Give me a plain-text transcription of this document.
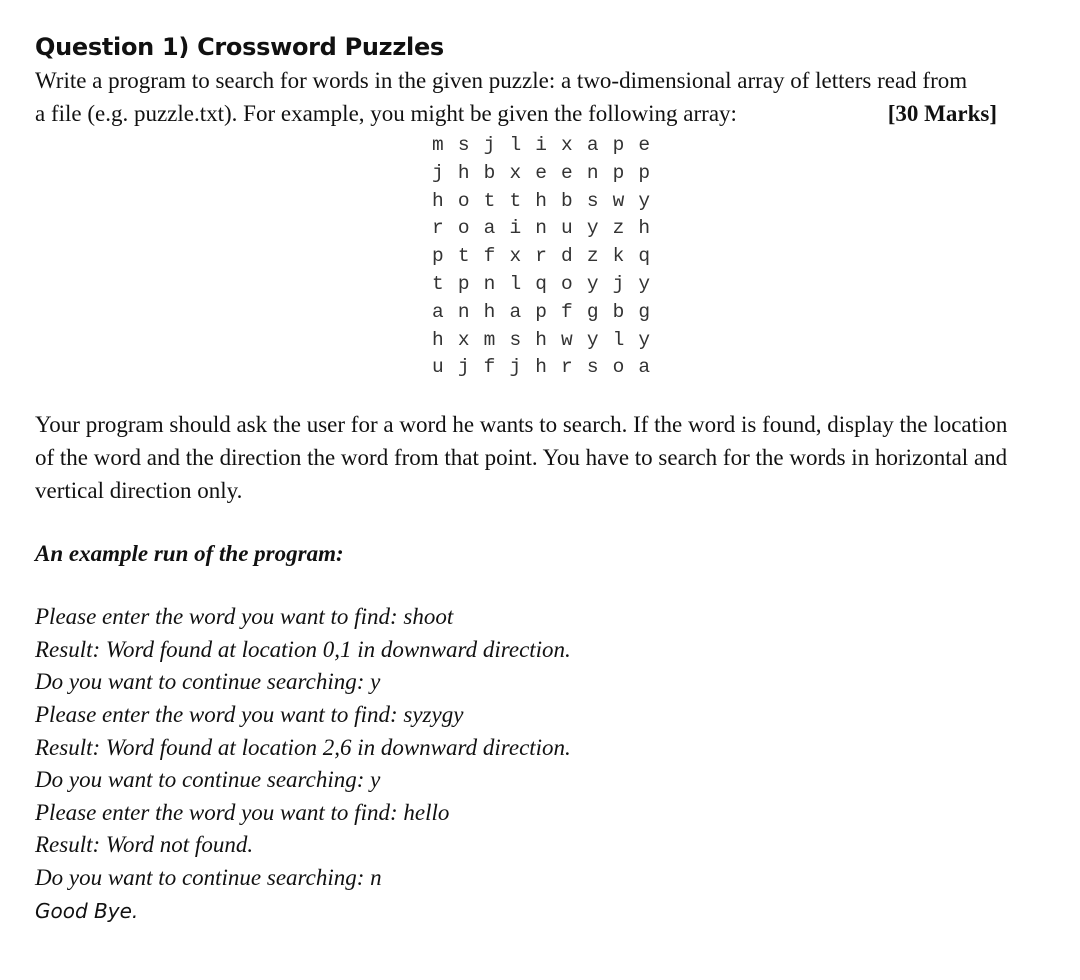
Question 1) Crossword Puzzles
Write a program to search for words in the given puzzle: a two-dimensional array of letters read from
a file (e.g. puzzle.txt). For example, you might be given the following array:	[30 Marks]
m s j l i x a p e
j h b x e e n p p
h o t t h b s w y
r o a i n u y z h
p t f x r d z k q
t p n l q o y j y
a n h a p f g b g
h x m s h w y l y
u j f j h r s o a

Your program should ask the user for a word he wants to search. If the word is found, display the location of the word and the direction the word from that point. You have to search for the words in horizontal and vertical direction only.

An example run of the program:
Please enter the word you want to find: shoot
Result: Word found at location 0,1 in downward direction.
Do you want to continue searching: y
Please enter the word you want to find: syzygy
Result: Word found at location 2,6 in downward direction.
Do you want to continue searching: y
Please enter the word you want to find: hello
Result: Word not found.
Do you want to continue searching: n
Good Bye.
